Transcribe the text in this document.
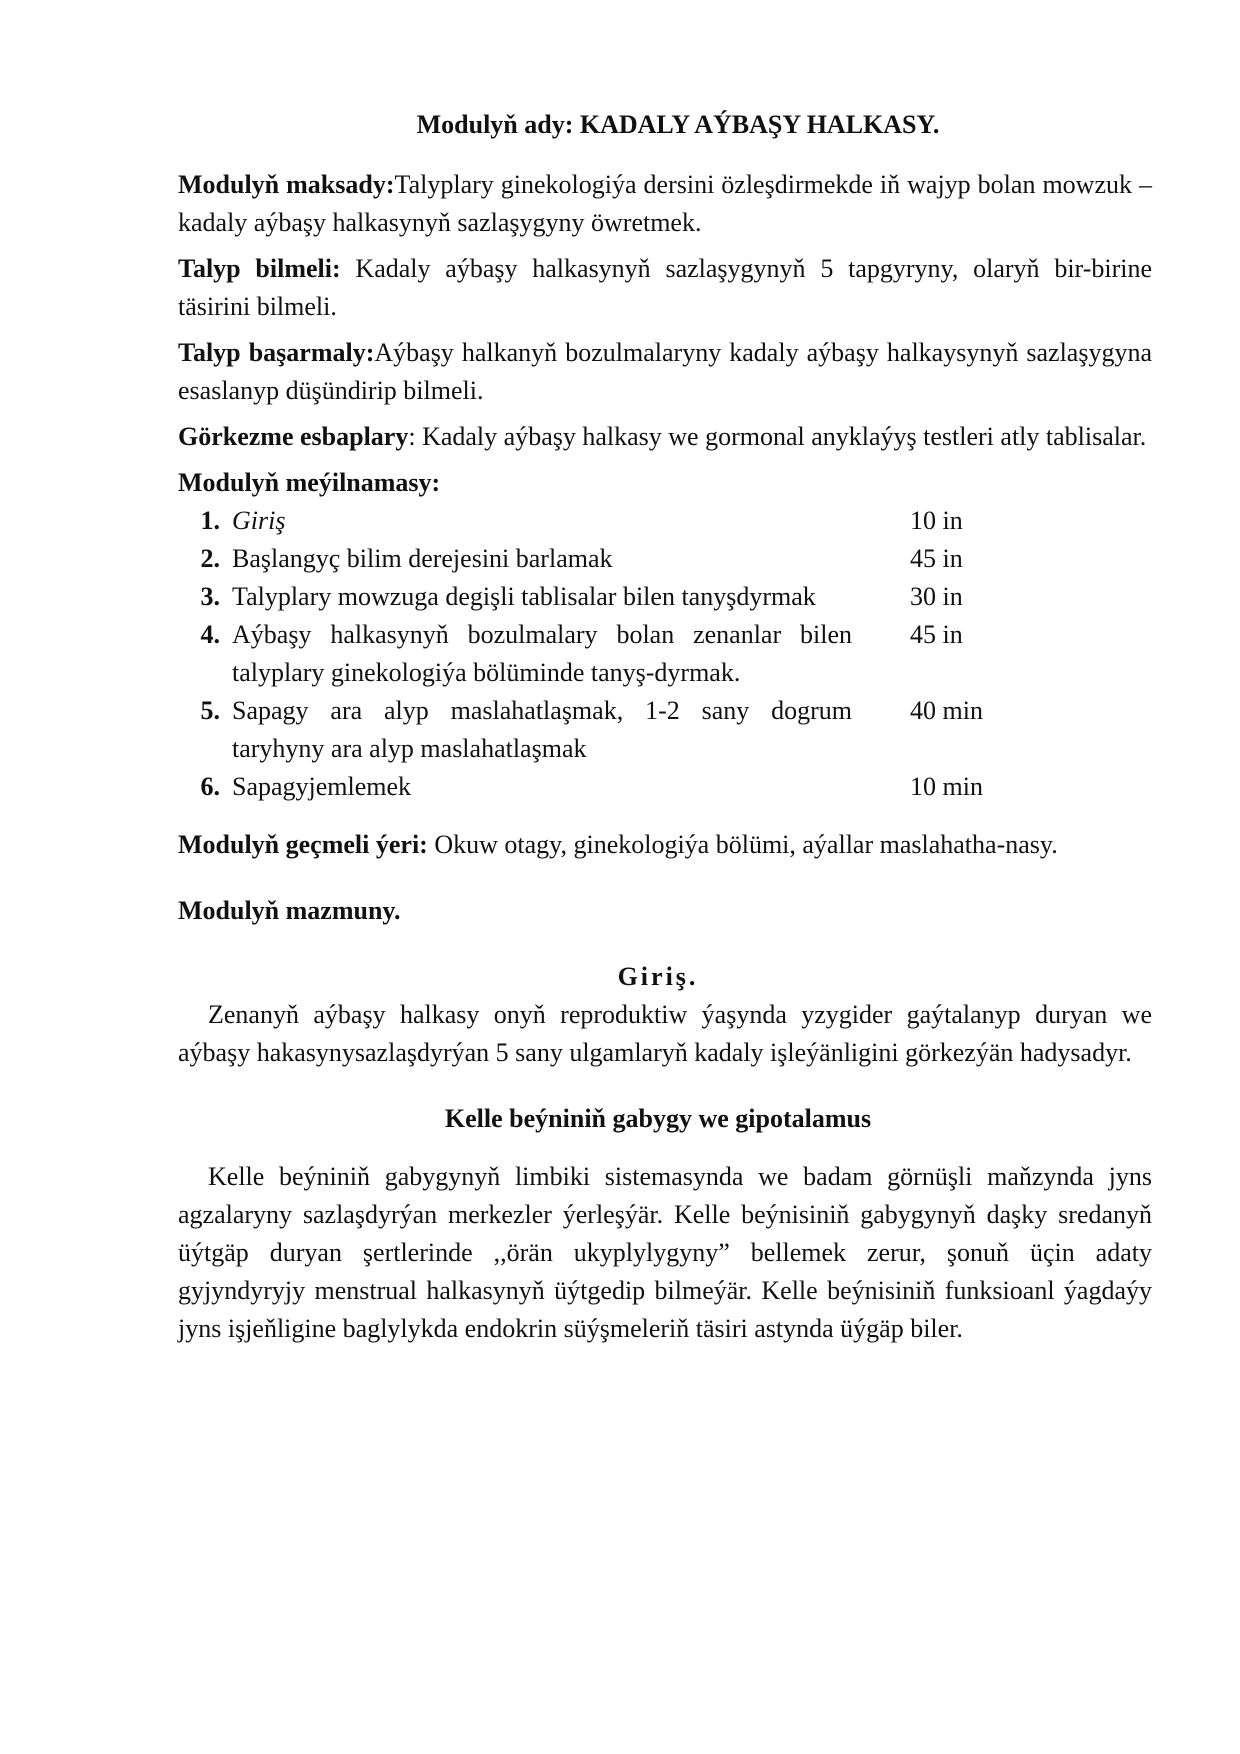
Modulyň ady: KADALY AÝBAŞY HALKASY.

Modulyň maksady:Talyplary ginekologiýa dersini özleşdirmekde iň wajyp bolan mowzuk – kadaly aýbaşy halkasynyň sazlaşygyny öwretmek.

Talyp bilmeli: Kadaly aýbaşy halkasynyň sazlaşygynyň 5 tapgyryny, olaryň bir-birine täsirini bilmeli.

Talyp başarmaly:Aýbaşy halkanyň bozulmalaryny kadaly aýbaşy halkaysynyň sazlaşygyna esaslanyp düşündirip bilmeli.

Görkezme esbaplary: Kadaly aýbaşy halkasy we gormonal anyklaýyş testleri atly tablisalar.

Modulyň meýilnamasy:
1.	Giriş	10 in
2.	Başlangyç bilim derejesini barlamak	45 in
3.	Talyplary mowzuga degişli tablisalar bilen tanyşdyrmak	30 in
4.	Aýbaşy halkasynyň bozulmalary bolan zenanlar bilen talyplary ginekologiýa bölüminde tanyş-dyrmak.	45 in
5.	Sapagy ara alyp maslahatlaşmak, 1-2 sany dogrum taryhyny ara alyp maslahatlaşmak	40 min
6.	Sapagyjemlemek	10 min

Modulyň geçmeli ýeri: Okuw otagy, ginekologiýa bölümi, aýallar maslahatha-nasy.

Modulyň mazmuny.

Giriş.

Zenanyň aýbaşy halkasy onyň reproduktiw ýaşynda yzygider gaýtalanyp duryan we aýbaşy hakasynysazlaşdyrýan 5 sany ulgamlaryň kadaly işleýänligini görkezýän hadysadyr.

Kelle beýniniň gabygy we gipotalamus

Kelle beýniniň gabygynyň limbiki sistemasynda we badam görnüşli maňzynda jyns agzalaryny sazlaşdyrýan merkezler ýerleşýär. Kelle beýnisiniň gabygynyň daşky sredanyň üýtgäp duryan şertlerinde ,,örän ukyplylygyny” bellemek zerur, şonuň üçin adaty gyjyndyryjy menstrual halkasynyň üýtgedip bilmeýär. Kelle beýnisiniň funksioanl ýagdaýy jyns işjeňligine baglylykda endokrin süýşmeleriň täsiri astynda üýgäp biler.
